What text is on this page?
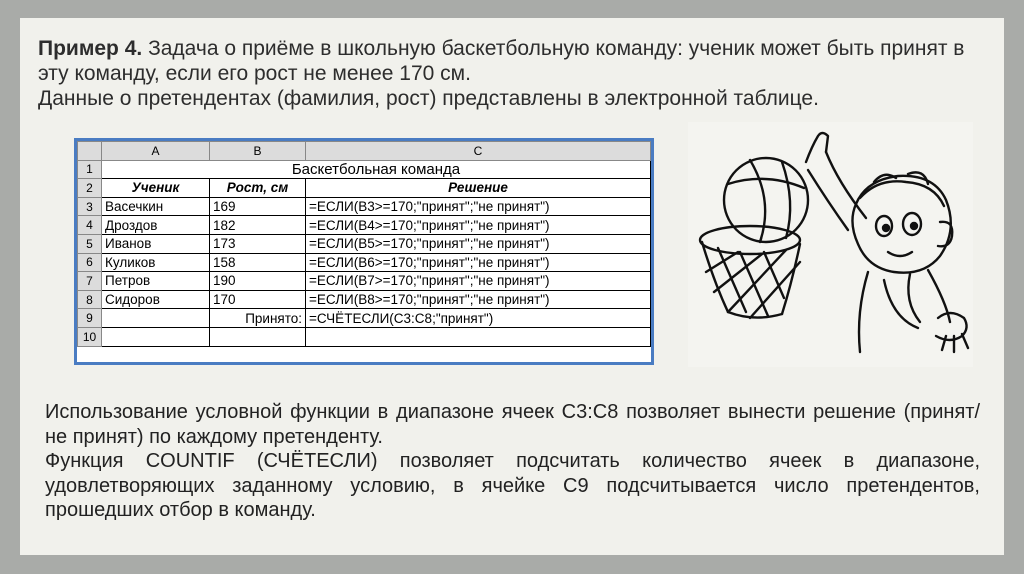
Пример 4. Задача о приёме в школьную баскетбольную команду: ученик может быть принят в эту команду, если его рост не менее 170 см.
Данные о претендентах (фамилия, рост) представлены в электронной таблице.
	A	B	C
1	Баскетбольная команда		
2	Ученик	Рост, см	Решение
3	Васечкин	169	=ЕСЛИ(B3>=170;"принят";"не принят")
4	Дроздов	182	=ЕСЛИ(B4>=170;"принят";"не принят")
5	Иванов	173	=ЕСЛИ(B5>=170;"принят";"не принят")
6	Куликов	158	=ЕСЛИ(B6>=170;"принят";"не принят")
7	Петров	190	=ЕСЛИ(B7>=170;"принят";"не принят")
8	Сидоров	170	=ЕСЛИ(B8>=170;"принят";"не принят")
9		Принято:	=СЧЁТЕСЛИ(C3:C8;"принят")
10			

Использование условной функции в диапазоне ячеек C3:C8 позволяет вынести решение (принят/не принят) по каждому претенденту.

Функция COUNTIF (СЧЁТЕСЛИ) позволяет подсчитать количество ячеек в диапазоне, удовлетворяющих заданному условию, в ячейке C9 подсчитывается число претендентов, прошедших отбор в команду.
